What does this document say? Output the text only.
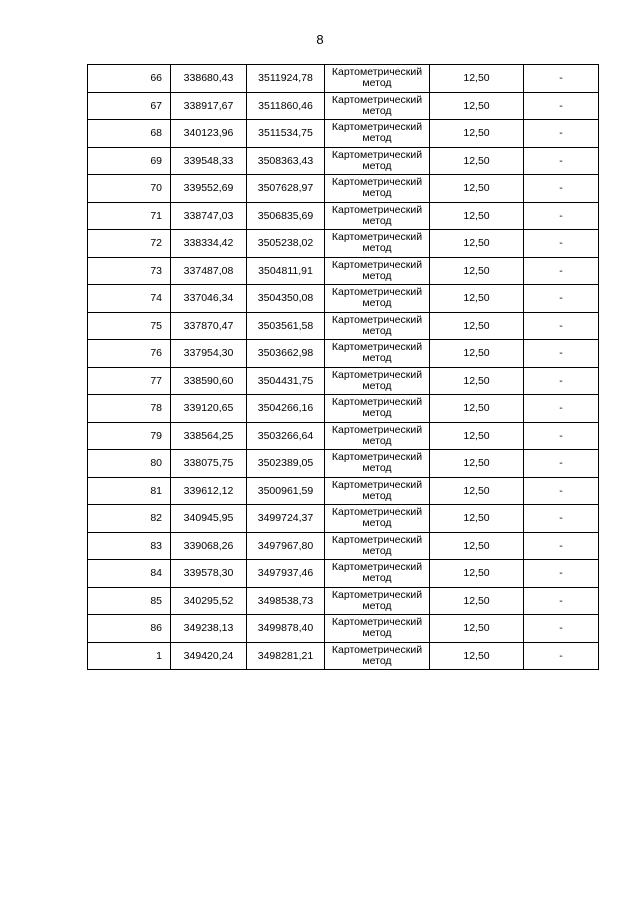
8
66	338680,43	3511924,78	Картометрический
метод	12,50	-
67	338917,67	3511860,46	Картометрический
метод	12,50	-
68	340123,96	3511534,75	Картометрический
метод	12,50	-
69	339548,33	3508363,43	Картометрический
метод	12,50	-
70	339552,69	3507628,97	Картометрический
метод	12,50	-
71	338747,03	3506835,69	Картометрический
метод	12,50	-
72	338334,42	3505238,02	Картометрический
метод	12,50	-
73	337487,08	3504811,91	Картометрический
метод	12,50	-
74	337046,34	3504350,08	Картометрический
метод	12,50	-
75	337870,47	3503561,58	Картометрический
метод	12,50	-
76	337954,30	3503662,98	Картометрический
метод	12,50	-
77	338590,60	3504431,75	Картометрический
метод	12,50	-
78	339120,65	3504266,16	Картометрический
метод	12,50	-
79	338564,25	3503266,64	Картометрический
метод	12,50	-
80	338075,75	3502389,05	Картометрический
метод	12,50	-
81	339612,12	3500961,59	Картометрический
метод	12,50	-
82	340945,95	3499724,37	Картометрический
метод	12,50	-
83	339068,26	3497967,80	Картометрический
метод	12,50	-
84	339578,30	3497937,46	Картометрический
метод	12,50	-
85	340295,52	3498538,73	Картометрический
метод	12,50	-
86	349238,13	3499878,40	Картометрический
метод	12,50	-
1	349420,24	3498281,21	Картометрический
метод	12,50	-
